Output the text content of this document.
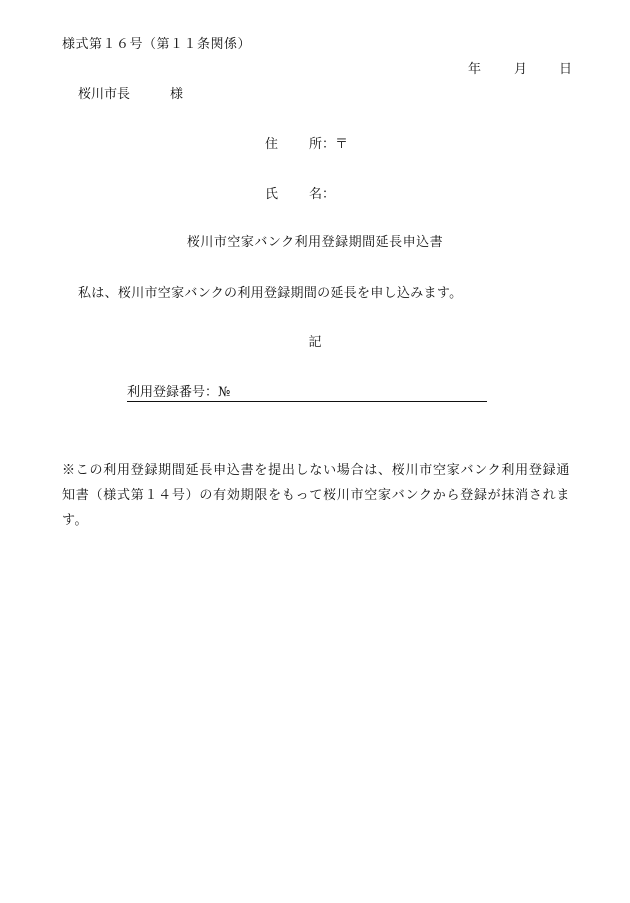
様式第１６号（第１１条関係）
年	月 日
桜川市長	様
住 所：〒
氏 名：
桜川市空家バンク利用登録期間延長申込書
私は、桜川市空家バンクの利用登録期間の延長を申し込みます。
記
利用登録番号：№
※この利用登録期間延長申込書を提出しない場合は、桜川市空家バンク利用登録通知書（様式第１４号）の有効期限をもって桜川市空家バンクから登録が抹消されます。
